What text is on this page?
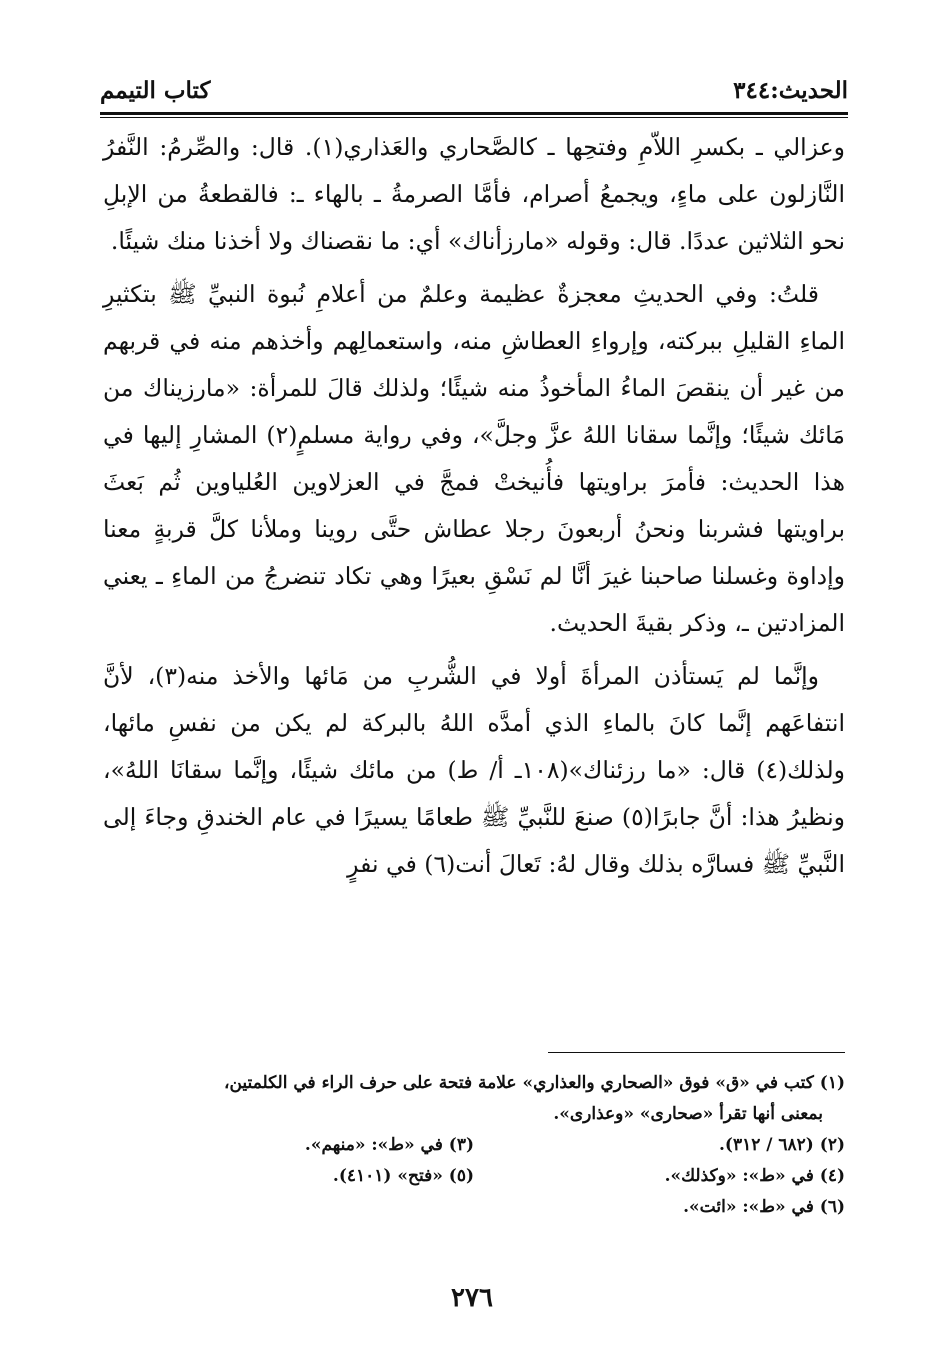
الحديث:٣٤٤
كتاب التيمم

وعزالي ـ بكسرِ اللاّمِ وفتحِها ـ كالصَّحاري والعَذاري(١). قال: والصِّرمُ: النَّفرُ النَّازلون على ماءٍ، ويجمعُ أصرام، فأمَّا الصرمةُ ـ بالهاء ـ: فالقطعةُ من الإبلِ نحو الثلاثين عددًا. قال: وقوله «مارزأناك» أي: ما نقصناك ولا أخذنا منك شيئًا.

قلتُ: وفي الحديثِ معجزةٌ عظيمة وعلمٌ من أعلامِ نُبوة النبيِّ ﷺ بتكثيرِ الماءِ القليلِ ببركته، وإرواءِ العطاشِ منه، واستعمالِهم وأخذهم منه في قربهم من غير أن ينقصَ الماءُ المأخوذُ منه شيئًا؛ ولذلك قالَ للمرأة: «مارزيناك من مَائك شيئًا؛ وإنَّما سقانا اللهُ عزَّ وجلَّ»، وفي رواية مسلمٍ(٢) المشارِ إليها في هذا الحديث: فأمرَ براويتها فأُنيختْ فمجَّ في العزلاوين العُلياوين ثُم بَعثَ براويتها فشربنا ونحنُ أربعونَ رجلا عطاش حتَّى روينا وملأنا كلَّ قربةٍ معنا وإداوة وغسلنا صاحبنا غيرَ أنَّا لم نَسْقِ بعيرًا وهي تكاد تنضرجُ من الماءِ ـ يعني المزادتين ـ، وذكر بقيةَ الحديث.

وإنَّما لم يَستأذن المرأةَ أولا في الشُّربِ من مَائها والأخذ منه(٣)، لأنَّ انتفاعَهم إنَّما كانَ بالماءِ الذي أمدَّه اللهُ بالبركة لم يكن من نفسِ مائها، ولذلك(٤) قال: «ما رزئناك»(١٠٨ـ أ/ ط) من مائك شيئًا، وإنَّما سقانَا اللهُ»، ونظيرُ هذا: أنَّ جابرًا(٥) صنعَ للنَّبيِّ ﷺ طعامًا يسيرًا في عام الخندقِ وجاءَ إلى النَّبيِّ ﷺ فسارَّه بذلك وقال لهُ: تَعالَ أنت(٦) في نفرٍ

(١) كتب في «ق» فوق «الصحاري والعذاري» علامة فتحة على حرف الراء في الكلمتين،

بمعنى أنها تقرأ «صحارى» «وعذارى».

(٢) (٦٨٢ / ٣١٢).
(٣) في «ط»: «منهم».
(٤) في «ط»: «وكذلك».
(٥) «فتح» (٤١٠١).

(٦) في «ط»: «ائت».

٢٧٦
